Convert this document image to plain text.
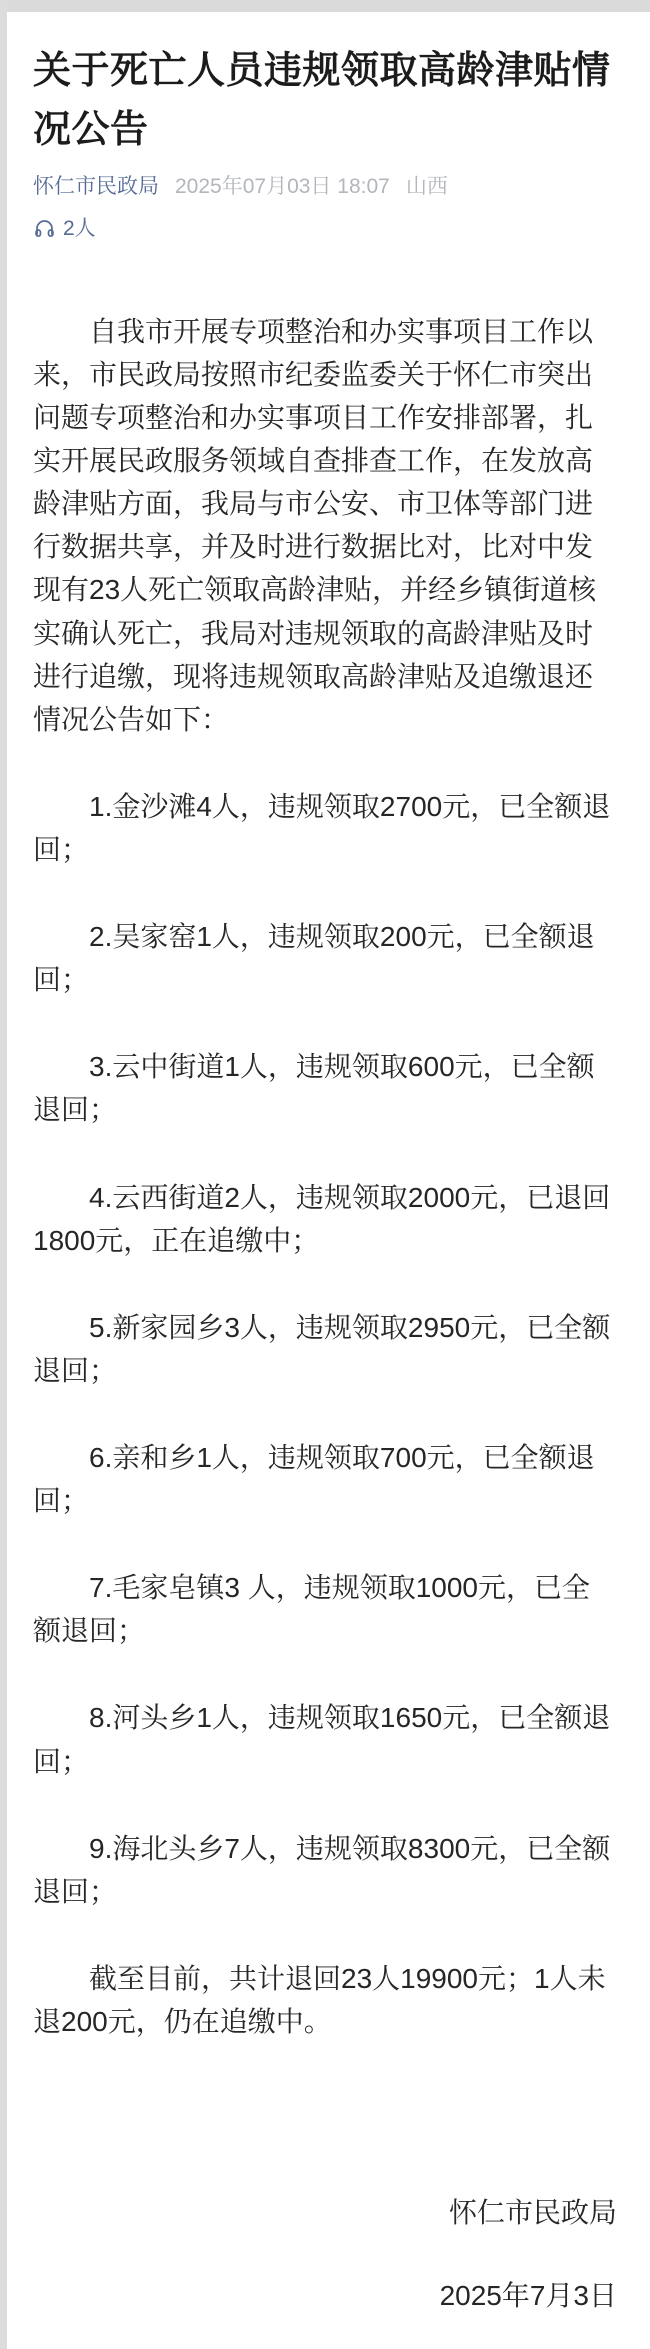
关于死亡人员违规领取高龄津贴情况公告
怀仁市民政局 2025年07月03日 18:07 山西
2人

自我市开展专项整治和办实事项目工作以来，市民政局按照市纪委监委关于怀仁市突出问题专项整治和办实事项目工作安排部署，扎实开展民政服务领域自查排查工作，在发放高龄津贴方面，我局与市公安、市卫体等部门进行数据共享，并及时进行数据比对，比对中发现有23人死亡领取高龄津贴，并经乡镇街道核实确认死亡，我局对违规领取的高龄津贴及时进行追缴，现将违规领取高龄津贴及追缴退还情况公告如下：

1.金沙滩4人，违规领取2700元，已全额退回；

2.吴家窑1人，违规领取200元，已全额退回；

3.云中街道1人，违规领取600元，已全额退回；

4.云西街道2人，违规领取2000元，已退回1800元，正在追缴中；

5.新家园乡3人，违规领取2950元，已全额退回；

6.亲和乡1人，违规领取700元，已全额退回；

7.毛家皂镇3 人，违规领取1000元，已全额退回；

8.河头乡1人，违规领取1650元，已全额退回；

9.海北头乡7人，违规领取8300元，已全额退回；

截至目前，共计退回23人19900元；1人未退200元，仍在追缴中。

怀仁市民政局
2025年7月3日
